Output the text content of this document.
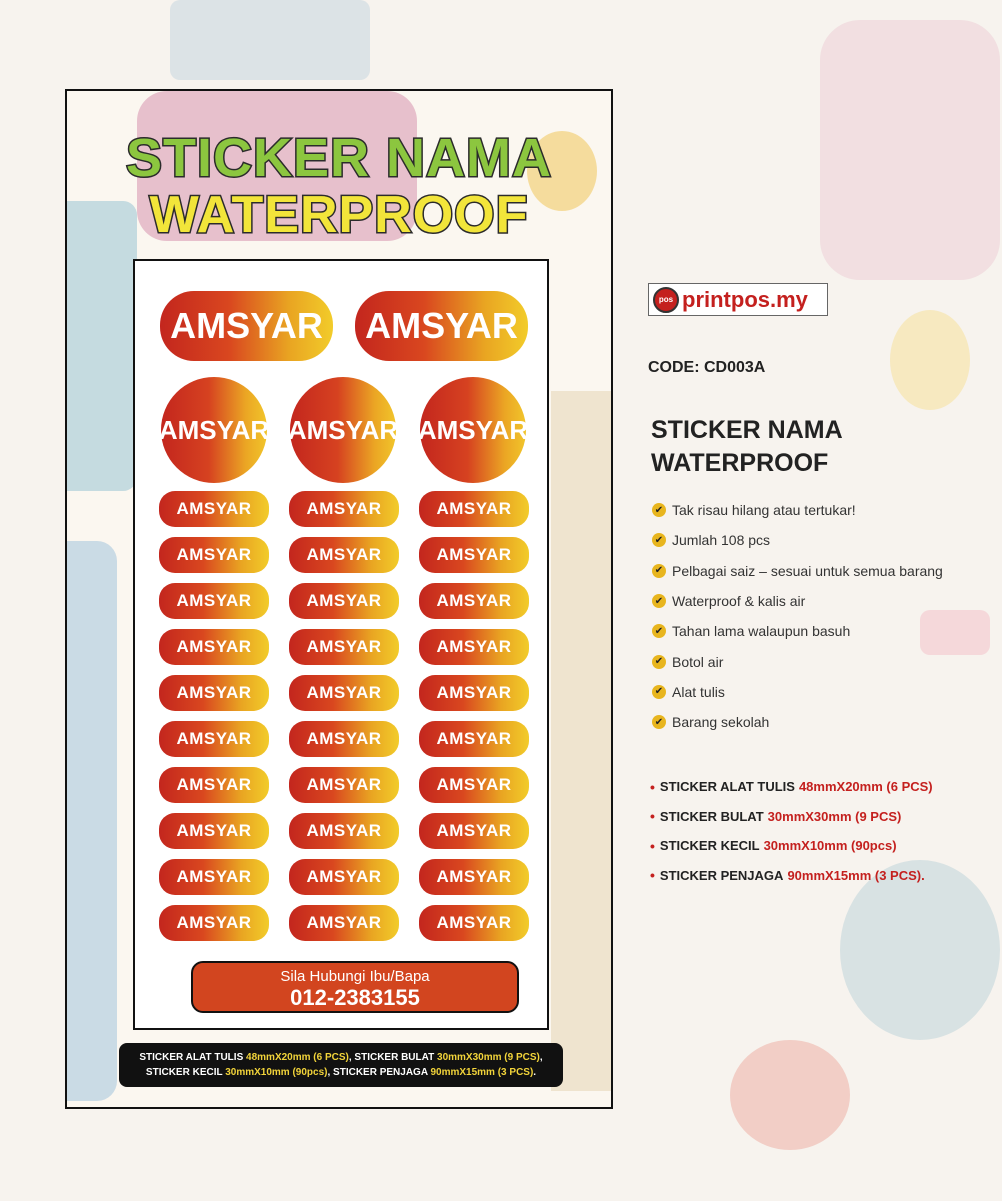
STICKER NAMA
WATERPROOF
AMSYAR AMSYAR
AMSYAR AMSYAR AMSYAR
AMSYAR	AMSYAR	AMSYAR
AMSYAR	AMSYAR	AMSYAR
AMSYAR	AMSYAR	AMSYAR
AMSYAR	AMSYAR	AMSYAR
AMSYAR	AMSYAR	AMSYAR
AMSYAR	AMSYAR	AMSYAR
AMSYAR	AMSYAR	AMSYAR
AMSYAR	AMSYAR	AMSYAR
AMSYAR	AMSYAR	AMSYAR
AMSYAR	AMSYAR	AMSYAR
Sila Hubungi Ibu/Bapa
012-2383155
STICKER ALAT TULIS 48mmX20mm (6 PCS), STICKER BULAT 30mmX30mm (9 PCS),
STICKER KECIL 30mmX10mm (90pcs), STICKER PENJAGA 90mmX15mm (3 PCS).
pos printpos.my
CODE: CD003A
STICKER NAMA
WATERPROOF
✔ Tak risau hilang atau tertukar!
✔ Jumlah 108 pcs
✔ Pelbagai saiz – sesuai untuk semua barang
✔ Waterproof & kalis air
✔ Tahan lama walaupun basuh
✔ Botol air
✔ Alat tulis
✔ Barang sekolah
• STICKER ALAT TULIS 48mmX20mm (6 PCS)
• STICKER BULAT 30mmX30mm (9 PCS)
• STICKER KECIL 30mmX10mm (90pcs)
• STICKER PENJAGA 90mmX15mm (3 PCS).
